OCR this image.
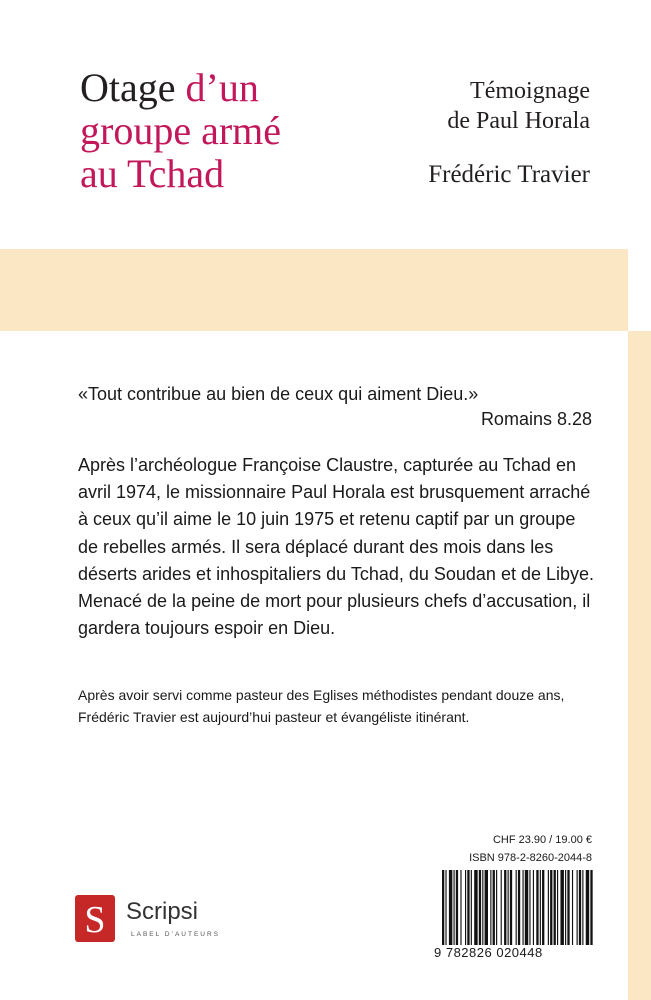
Otage d’un
groupe armé
au Tchad
Témoignage
de Paul Horala
Frédéric Travier
«Tout contribue au bien de ceux qui aiment Dieu.»
Romains 8.28
Après l’archéologue Françoise Claustre, capturée au Tchad en avril 1974, le missionnaire Paul Horala est brusquement arraché à ceux qu’il aime le 10 juin 1975 et retenu captif par un groupe de rebelles armés. Il sera déplacé durant des mois dans les déserts arides et inhospitaliers du Tchad, du Soudan et de Libye. Menacé de la peine de mort pour plusieurs chefs d’accusation, il gardera toujours espoir en Dieu.
Après avoir servi comme pasteur des Eglises méthodistes pendant douze ans, Frédéric Travier est aujourd’hui pasteur et évangéliste itinérant.
CHF 23.90 / 19.00 €
ISBN 978-2-8260-2044-8
9 782826 020448
S Scripsi
LABEL D’AUTEURS
